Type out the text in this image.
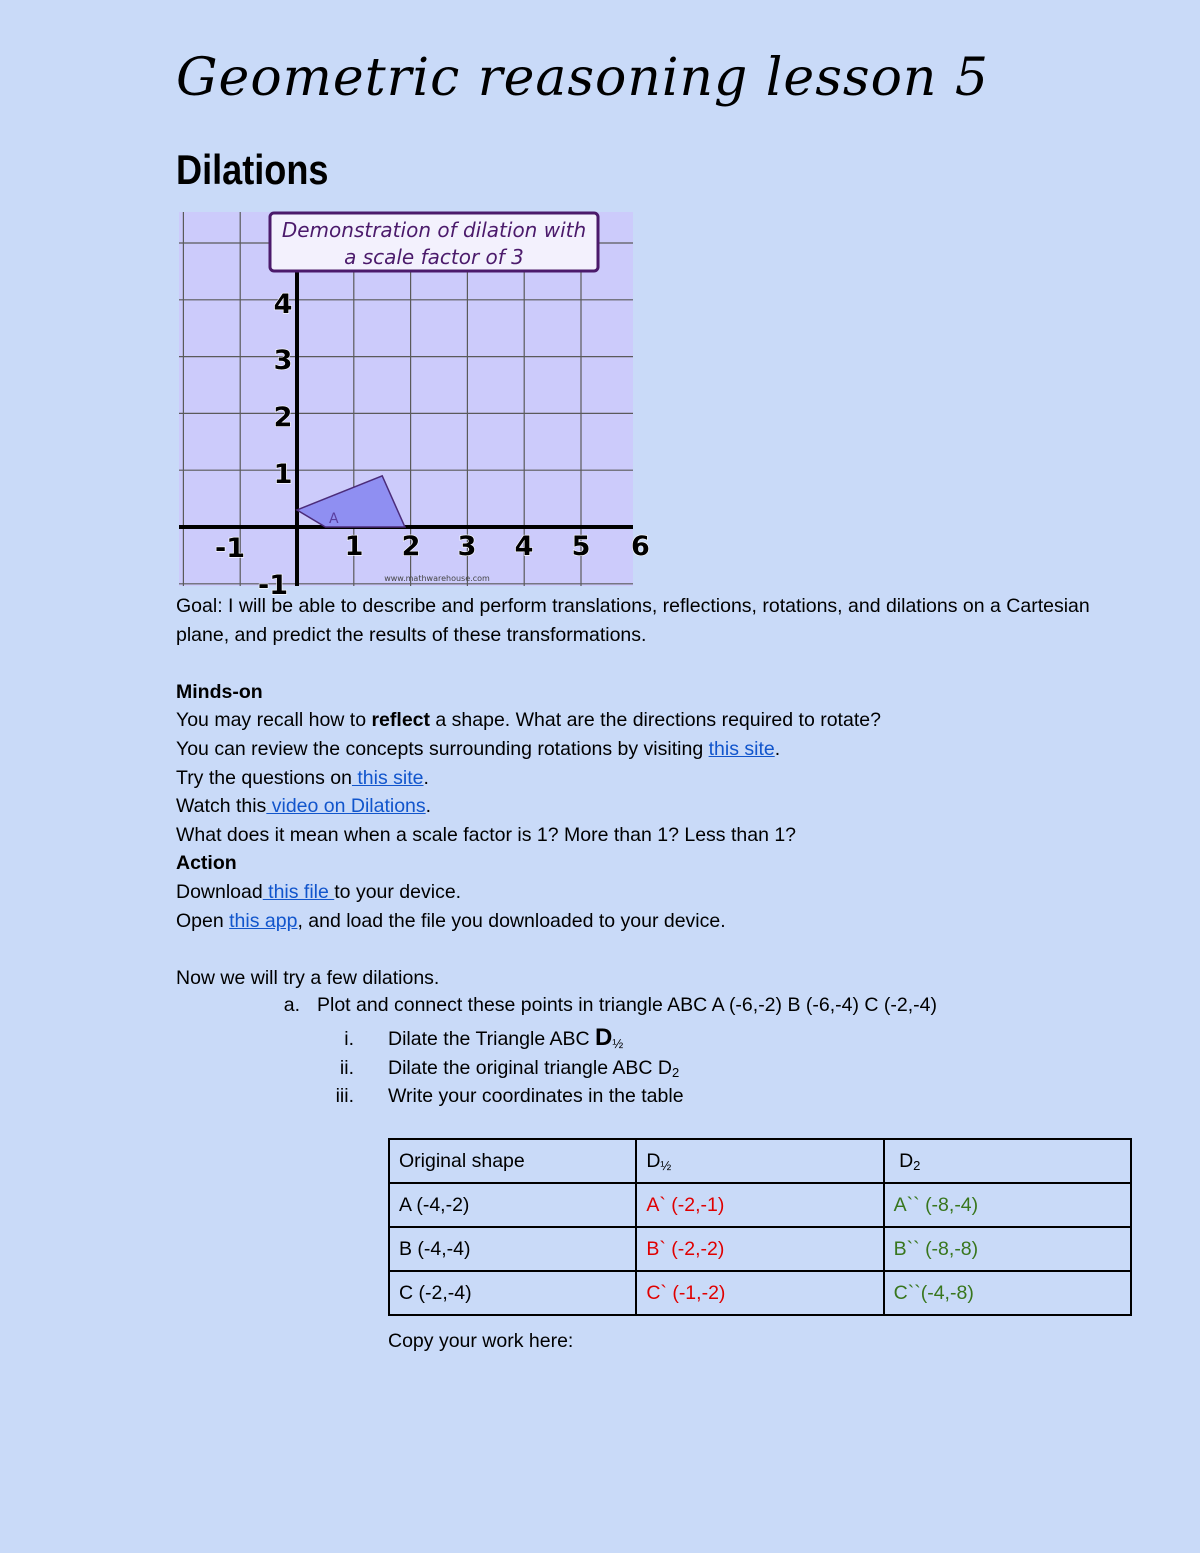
Geometric reasoning lesson 5
Dilations
A
-1	1 2 3 4 5 6
1
2
3
4
-1
Demonstration of dilation with
a scale factor of 3
www.mathwarehouse.com

Goal: I will be able to describe and perform translations, reflections, rotations, and dilations on a Cartesian plane, and predict the results of these transformations.

Minds-on

You may recall how to reflect a shape. What are the directions required to rotate?

You can review the concepts surrounding rotations by visiting this site.

Try the questions on this site.

Watch this video on Dilations.

What does it mean when a scale factor is 1? More than 1? Less than 1?

Action

Download this file to your device.

Open this app, and load the file you downloaded to your device.

Now we will try a few dilations.

a. Plot and connect these points in triangle ABC A (-6,-2) B (-6,-4) C (-2,-4)
i. Dilate the Triangle ABC $D_{\frac{1}{2}}$
ii. Dilate the original triangle ABC $D_2$
iii. Write your coordinates in the table
Original shape	$D_{\frac{1}{2}}$	$D_2$
A (-4,-2)	A` (-2,-1)	A`` (-8,-4)
B (-4,-4)	B` (-2,-2)	B`` (-8,-8)
C (-2,-4)	C` (-1,-2)	C``(-4,-8)
Copy your work here:
